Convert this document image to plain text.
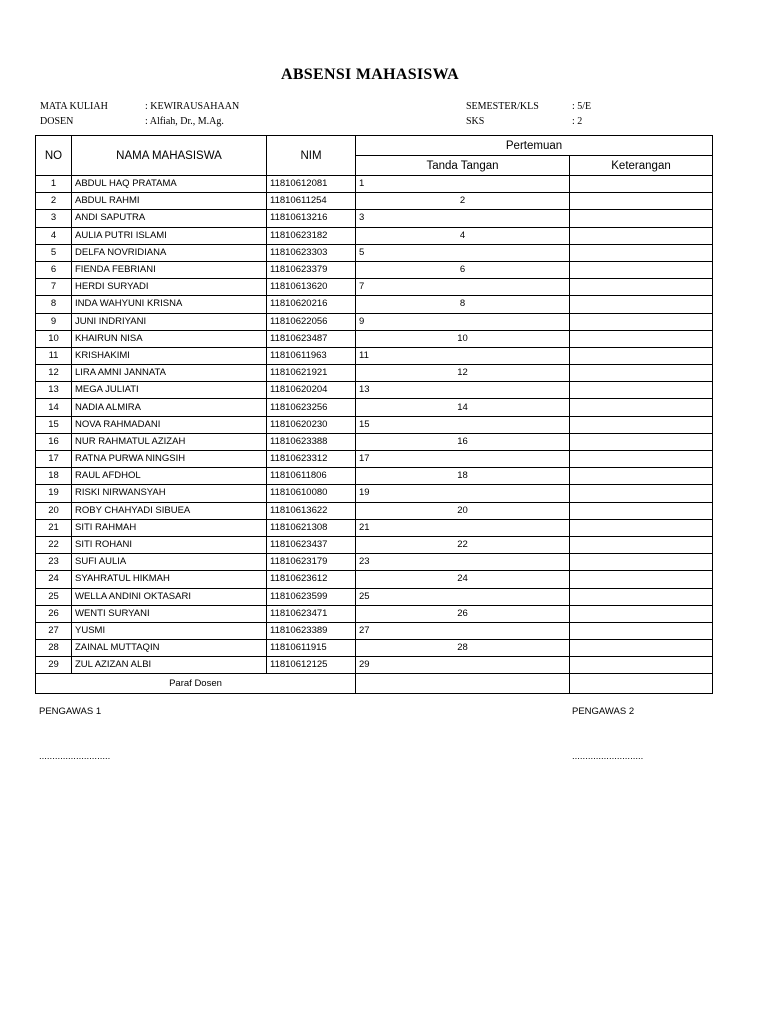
ABSENSI MAHASISWA
MATA KULIAH	: KEWIRAUSAHAAN
DOSEN	: Alfiah, Dr., M.Ag.
SEMESTER/KLS	: 5/E
SKS	: 2
NO	NAMA MAHASISWA	NIM	Pertemuan	
			Tanda Tangan	Keterangan
1	ABDUL HAQ PRATAMA	11810612081	1	
2	ABDUL RAHMI	11810611254	2	
3	ANDI SAPUTRA	11810613216	3	
4	AULIA PUTRI ISLAMI	11810623182	4	
5	DELFA NOVRIDIANA	11810623303	5	
6	FIENDA FEBRIANI	11810623379	6	
7	HERDI SURYADI	11810613620	7	
8	INDA WAHYUNI KRISNA	11810620216	8	
9	JUNI INDRIYANI	11810622056	9	
10	KHAIRUN NISA	11810623487	10	
11	KRISHAKIMI	11810611963	11	
12	LIRA AMNI JANNATA	11810621921	12	
13	MEGA JULIATI	11810620204	13	
14	NADIA ALMIRA	11810623256	14	
15	NOVA RAHMADANI	11810620230	15	
16	NUR RAHMATUL AZIZAH	11810623388	16	
17	RATNA PURWA NINGSIH	11810623312	17	
18	RAUL AFDHOL	11810611806	18	
19	RISKI NIRWANSYAH	11810610080	19	
20	ROBY CHAHYADI SIBUEA	11810613622	20	
21	SITI RAHMAH	11810621308	21	
22	SITI ROHANI	11810623437	22	
23	SUFI AULIA	11810623179	23	
24	SYAHRATUL HIKMAH	11810623612	24	
25	WELLA ANDINI OKTASARI	11810623599	25	
26	WENTI SURYANI	11810623471	26	
27	YUSMI	11810623389	27	
28	ZAINAL MUTTAQIN	11810611915	28	
29	ZUL AZIZAN ALBI	11810612125	29	
Paraf Dosen				
PENGAWAS 1	PENGAWAS 2
...........................	...........................
